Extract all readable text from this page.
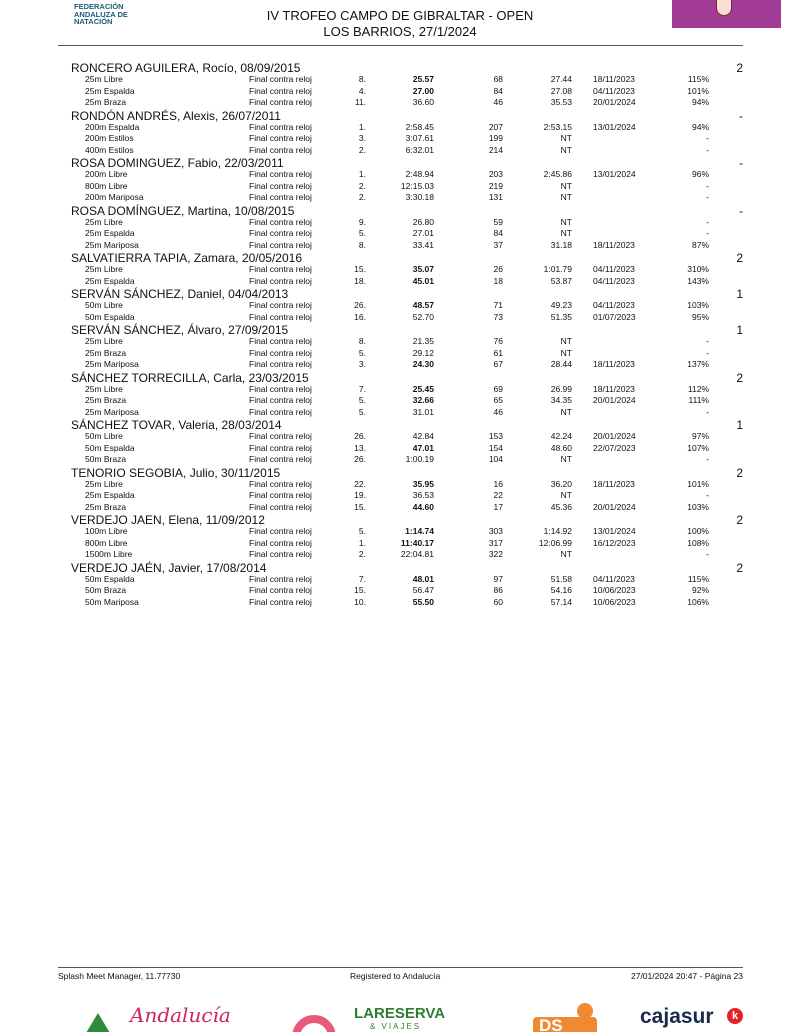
FEDERACIÓN ANDALUZA DE NATACIÓN	IV TROFEO CAMPO DE GIBRALTAR - OPEN
LOS BARRIOS, 27/1/2024
RONCERO AGUILERA, Rocío, 08/09/2015	2
25m Libre	Final contra reloj	8.	25.57	68	27.44 18/11/2023	115%
25m Espalda	Final contra reloj	4.	27.00	84	27.08 04/11/2023	101%
25m Braza	Final contra reloj	11.	36.60	46	35.53 20/01/2024	94%
RONDÓN ANDRÉS, Alexis, 26/07/2011	-
200m Espalda	Final contra reloj	1.	2:58.45	207	2:53.15 13/01/2024	94%
200m Estilos	Final contra reloj	3.	3:07.61	199	NT	-
400m Estilos	Final contra reloj	2.	6:32.01	214	NT	-
ROSA DOMINGUEZ, Fabio, 22/03/2011	-
200m Libre	Final contra reloj	1.	2:48.94	203	2:45.86 13/01/2024	96%
800m Libre	Final contra reloj	2.	12:15.03	219	NT	-
200m Mariposa	Final contra reloj	2.	3:30.18	131	NT	-
ROSA DOMÍNGUEZ, Martina, 10/08/2015	-
25m Libre	Final contra reloj	9.	26.80	59	NT	-
25m Espalda	Final contra reloj	5.	27.01	84	NT	-
25m Mariposa	Final contra reloj	8.	33.41	37	31.18 18/11/2023	87%
SALVATIERRA TAPIA, Zamara, 20/05/2016	2
25m Libre	Final contra reloj	15.	35.07	26	1:01.79 04/11/2023	310%
25m Espalda	Final contra reloj	18.	45.01	18	53.87 04/11/2023	143%
SERVÁN SÁNCHEZ, Daniel, 04/04/2013	1
50m Libre	Final contra reloj	26.	48.57	71	49.23 04/11/2023	103%
50m Espalda	Final contra reloj	16.	52.70	73	51.35 01/07/2023	95%
SERVÁN SÁNCHEZ, Álvaro, 27/09/2015	1
25m Libre	Final contra reloj	8.	21.35	76	NT	-
25m Braza	Final contra reloj	5.	29.12	61	NT	-
25m Mariposa	Final contra reloj	3.	24.30	67	28.44 18/11/2023	137%
SÁNCHEZ TORRECILLA, Carla, 23/03/2015	2
25m Libre	Final contra reloj	7.	25.45	69	26.99 18/11/2023	112%
25m Braza	Final contra reloj	5.	32.66	65	34.35 20/01/2024	111%
25m Mariposa	Final contra reloj	5.	31.01	46	NT	-
SÁNCHEZ TOVAR, Valeria, 28/03/2014	1
50m Libre	Final contra reloj	26.	42.84	153	42.24 20/01/2024	97%
50m Espalda	Final contra reloj	13.	47.01	154	48.60 22/07/2023	107%
50m Braza	Final contra reloj	26.	1:00.19	104	NT	-
TENORIO SEGOBIA, Julio, 30/11/2015	2
25m Libre	Final contra reloj	22.	35.95	16	36.20 18/11/2023	101%
25m Espalda	Final contra reloj	19.	36.53	22	NT	-
25m Braza	Final contra reloj	15.	44.60	17	45.36 20/01/2024	103%
VERDEJO JAEN, Elena, 11/09/2012	2
100m Libre	Final contra reloj	5.	1:14.74	303	1:14.92 13/01/2024	100%
800m Libre	Final contra reloj	1.	11:40.17	317	12:06.99 16/12/2023	108%
1500m Libre	Final contra reloj	2.	22:04.81	322	NT	-
VERDEJO JAÉN, Javier, 17/08/2014	2
50m Espalda	Final contra reloj	7.	48.01	97	51.58 04/11/2023	115%
50m Braza	Final contra reloj	15.	56.47	86	54.16 10/06/2023	92%
50m Mariposa	Final contra reloj	10.	55.50	60	57.14 10/06/2023	106%
Splash Meet Manager, 11.77730	Registered to Andalucía	27/01/2024 20:47 - Página 23
Andalucía	LARESERVA
& VIAJES	DS	cajasur	k
